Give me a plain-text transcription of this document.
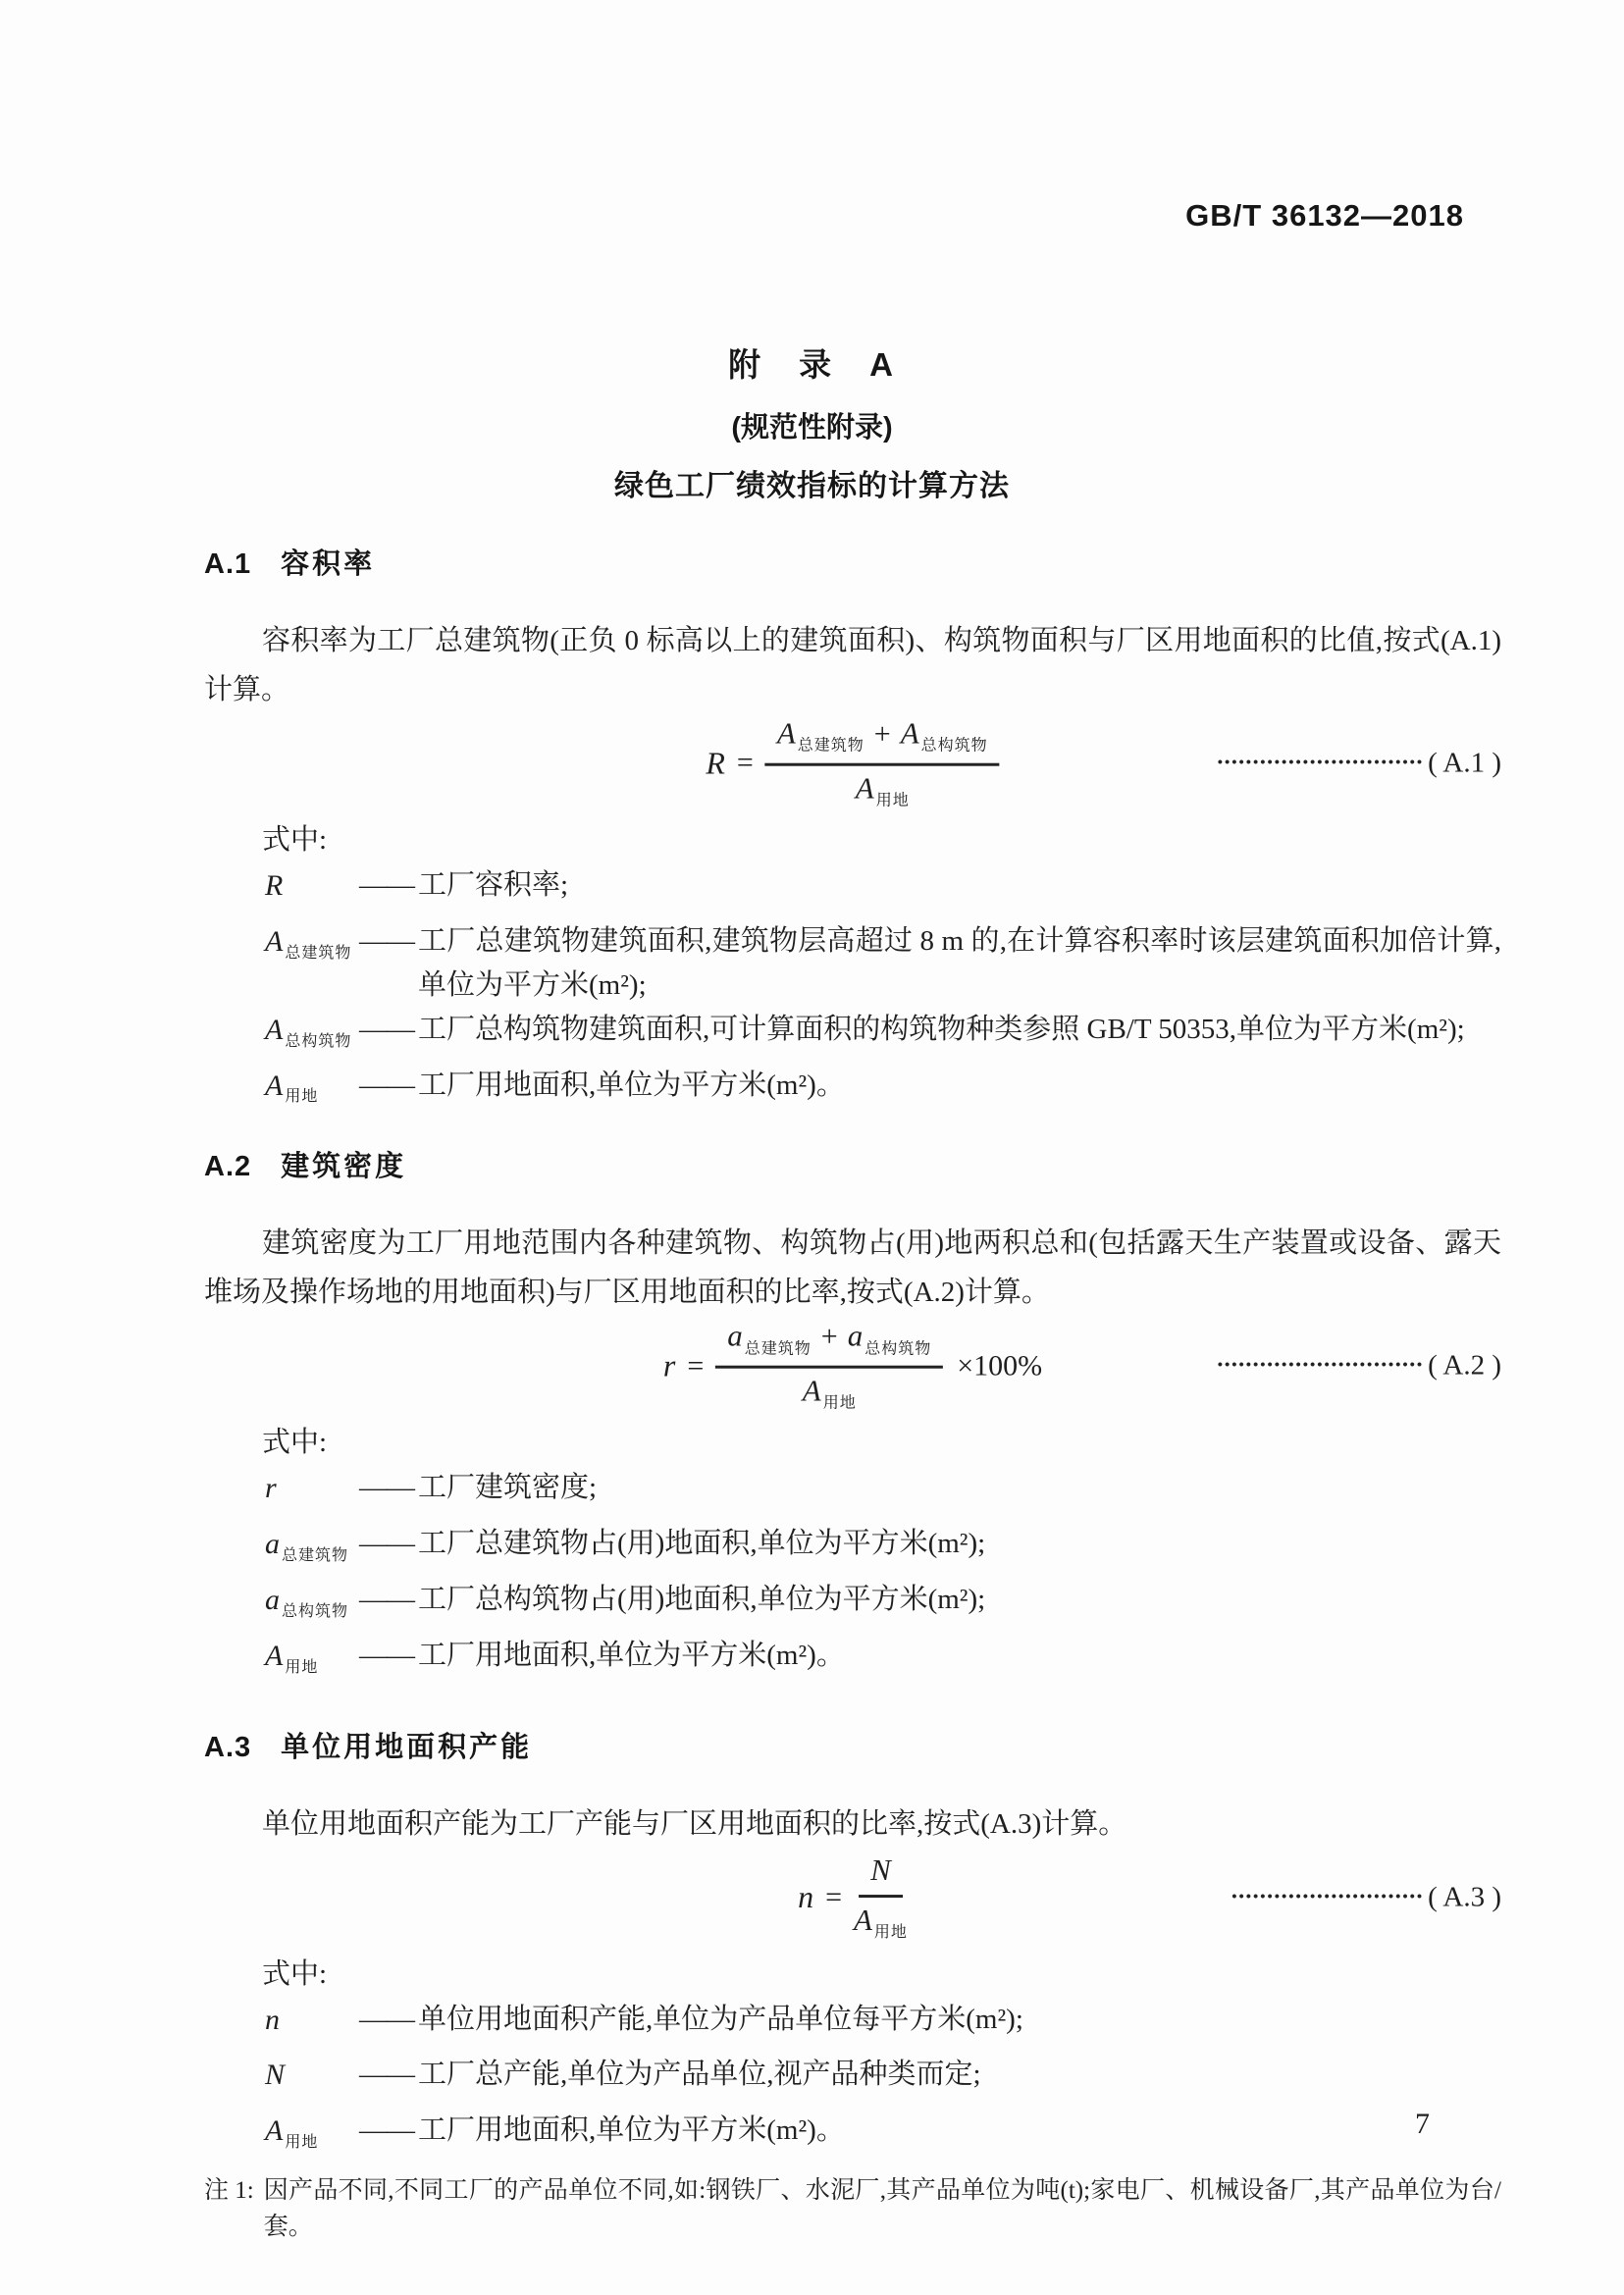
GB/T 36132—2018
附　录　A
(规范性附录)
绿色工厂绩效指标的计算方法
A.1 容积率

容积率为工厂总建筑物(正负 0 标高以上的建筑面积)、构筑物面积与厂区用地面积的比值,按式(A.1)计算。

$R = \frac{A _{总建筑物} + A _{总构筑物}}{A _{用地}}$	••••••••••••••••••••••••••••• ( A.1 )

式中:

R	—— 工厂容积率;
A $_{总建筑物}$ —— 工厂总建筑物建筑面积,建筑物层高超过 8 m 的,在计算容积率时该层建筑面积加倍计算,单位为平方米(m²);
A $_{总构筑物}$ —— 工厂总构筑物建筑面积,可计算面积的构筑物种类参照 GB/T 50353,单位为平方米(m²);
A $_{用地}$	—— 工厂用地面积,单位为平方米(m²)。
A.2 建筑密度

建筑密度为工厂用地范围内各种建筑物、构筑物占(用)地两积总和(包括露天生产装置或设备、露天堆场及操作场地的用地面积)与厂区用地面积的比率,按式(A.2)计算。

$r = \frac{a _{总建筑物} + a _{总构筑物}}{A _{用地}} \times 100\%$	••••••••••••••••••••••••••••• ( A.2 )

式中:

r	—— 工厂建筑密度;
a $_{总建筑物}$ —— 工厂总建筑物占(用)地面积,单位为平方米(m²);
a $_{总构筑物}$ —— 工厂总构筑物占(用)地面积,单位为平方米(m²);
A $_{用地}$	—— 工厂用地面积,单位为平方米(m²)。
A.3 单位用地面积产能

单位用地面积产能为工厂产能与厂区用地面积的比率,按式(A.3)计算。

$n = \frac{N}{A _{用地}}$	••••••••••••••••••••••••••• ( A.3 )

式中:

n	—— 单位用地面积产能,单位为产品单位每平方米(m²);
N	—— 工厂总产能,单位为产品单位,视产品种类而定;
A $_{用地}$	—— 工厂用地面积,单位为平方米(m²)。
注 1: 因产品不同,不同工厂的产品单位不同,如:钢铁厂、水泥厂,其产品单位为吨(t);家电厂、机械设备厂,其产品单位为台/套。
7
